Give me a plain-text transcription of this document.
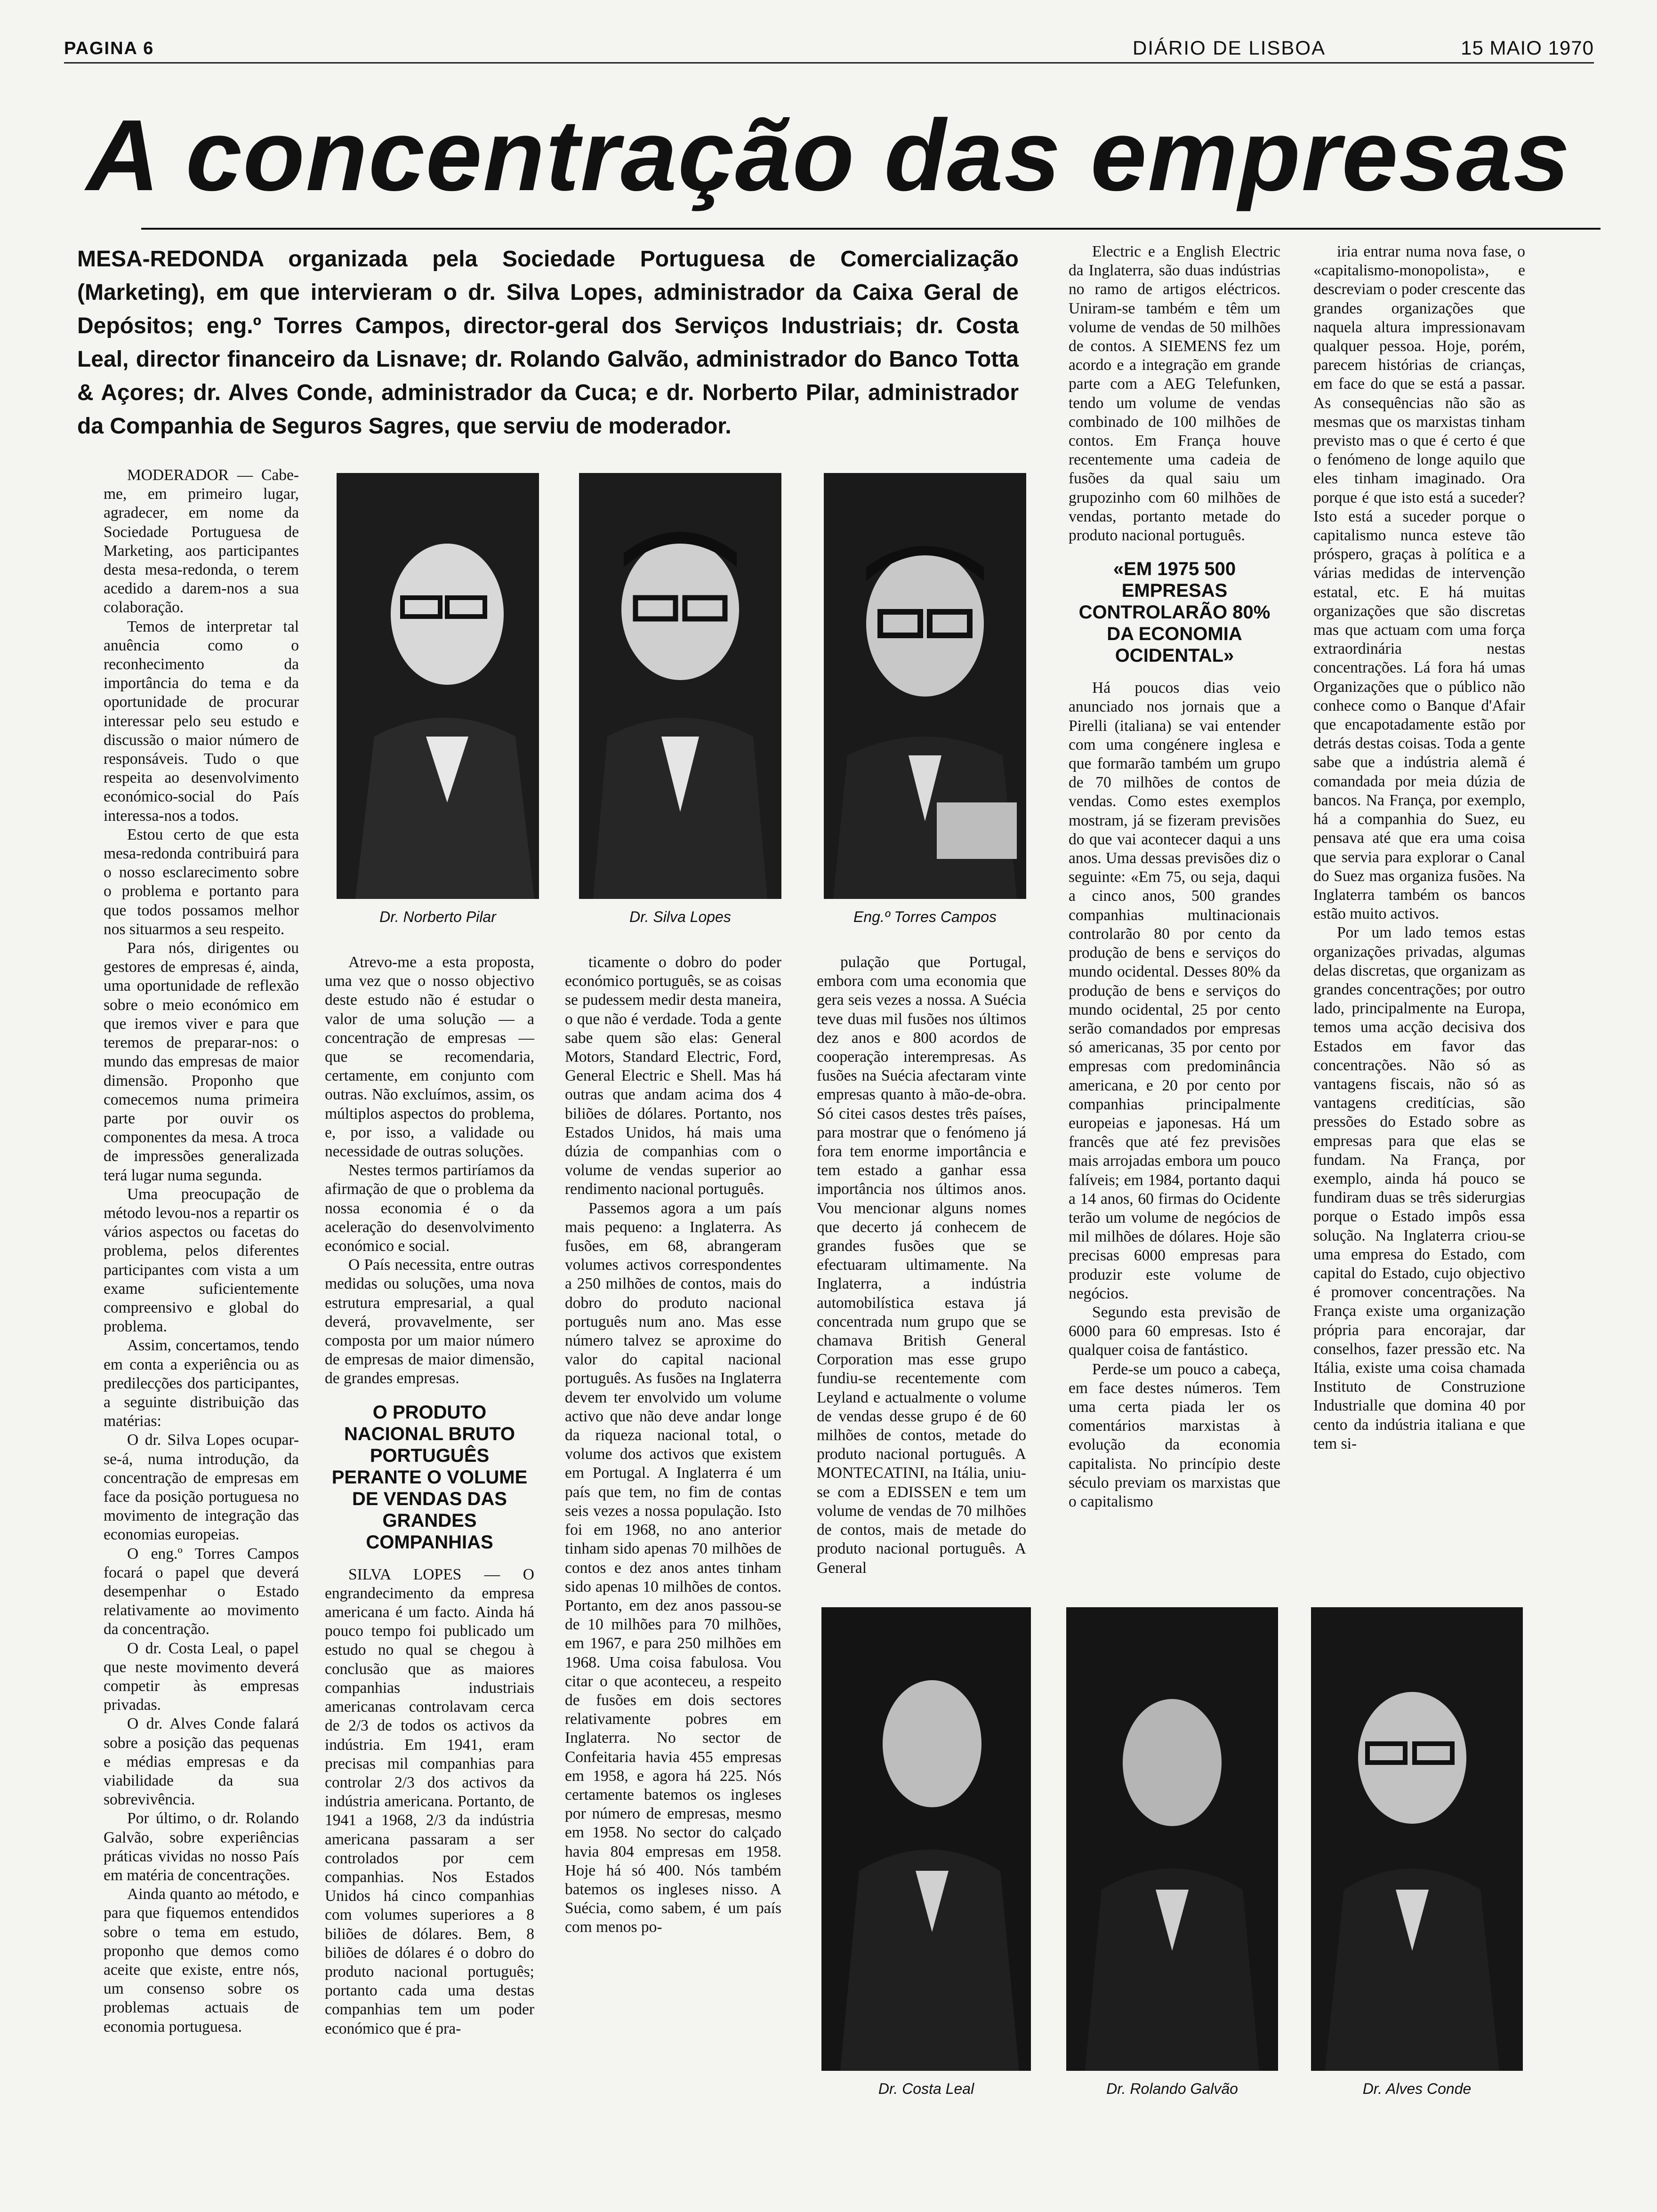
PAGINA 6	DIÁRIO DE LISBOA	15 MAIO 1970
A concentração das empresas
MESA-REDONDA organizada pela Sociedade Portuguesa de Comercialização (Marketing), em que intervieram o dr. Silva Lopes, administrador da Caixa Geral de Depósitos; eng.º Torres Campos, director-geral dos Serviços Industriais; dr. Costa Leal, director financeiro da Lisnave; dr. Rolando Galvão, administrador do Banco Totta & Açores; dr. Alves Conde, administrador da Cuca; e dr. Norberto Pilar, administrador da Companhia de Seguros Sagres, que serviu de moderador.

MODERADOR — Cabe-me, em primeiro lugar, agradecer, em nome da Sociedade Portuguesa de Marketing, aos participantes desta mesa-redonda, o terem acedido a darem-nos a sua colaboração.

Temos de interpretar tal anuência como o reconhecimento da importância do tema e da oportunidade de procurar interessar pelo seu estudo e discussão o maior número de responsáveis. Tudo o que respeita ao desenvolvimento económico-social do País interessa-nos a todos.

Estou certo de que esta mesa-redonda contribuirá para o nosso esclarecimento sobre o problema e portanto para que todos possamos melhor nos situarmos a seu respeito.

Para nós, dirigentes ou gestores de empresas é, ainda, uma oportunidade de reflexão sobre o meio económico em que iremos viver e para que teremos de preparar-nos: o mundo das empresas de maior dimensão. Proponho que comecemos numa primeira parte por ouvir os componentes da mesa. A troca de impressões generalizada terá lugar numa segunda.

Uma preocupação de método levou-nos a repartir os vários aspectos ou facetas do problema, pelos diferentes participantes com vista a um exame suficientemente compreensivo e global do problema.

Assim, concertamos, tendo em conta a experiência ou as predilecções dos participantes, a seguinte distribuição das matérias:

O dr. Silva Lopes ocupar-se-á, numa introdução, da concentração de empresas em face da posição portuguesa no movimento de integração das economias europeias.

O eng.º Torres Campos focará o papel que deverá desempenhar o Estado relativamente ao movimento da concentração.

O dr. Costa Leal, o papel que neste movimento deverá competir às empresas privadas.

O dr. Alves Conde falará sobre a posição das pequenas e médias empresas e da viabilidade da sua sobrevivência.

Por último, o dr. Rolando Galvão, sobre experiências práticas vividas no nosso País em matéria de concentrações.

Ainda quanto ao método, e para que fiquemos entendidos sobre o tema em estudo, proponho que demos como aceite que existe, entre nós, um consenso sobre os problemas actuais de economia portuguesa.

Dr. Norberto Pilar	Dr. Silva Lopes	Eng.º Torres Campos

Atrevo-me a esta proposta, uma vez que o nosso objectivo deste estudo não é estudar o valor de uma solução — a concentração de empresas — que se recomendaria, certamente, em conjunto com outras. Não excluímos, assim, os múltiplos aspectos do problema, e, por isso, a validade ou necessidade de outras soluções.

Nestes termos partiríamos da afirmação de que o problema da nossa economia é o da aceleração do desenvolvimento económico e social.

O País necessita, entre outras medidas ou soluções, uma nova estrutura empresarial, a qual deverá, provavelmente, ser composta por um maior número de empresas de maior dimensão, de grandes empresas.

O PRODUTO NACIONAL BRUTO PORTUGUÊS PERANTE O VOLUME DE VENDAS DAS GRANDES COMPANHIAS

SILVA LOPES — O engrandecimento da empresa americana é um facto. Ainda há pouco tempo foi publicado um estudo no qual se chegou à conclusão que as maiores companhias industriais americanas controlavam cerca de 2/3 de todos os activos da indústria. Em 1941, eram precisas mil companhias para controlar 2/3 dos activos da indústria americana. Portanto, de 1941 a 1968, 2/3 da indústria americana passaram a ser controlados por cem companhias. Nos Estados Unidos há cinco companhias com volumes superiores a 8 biliões de dólares. Bem, 8 biliões de dólares é o dobro do produto nacional português; portanto cada uma destas companhias tem um poder económico que é pra-

ticamente o dobro do poder económico português, se as coisas se pudessem medir desta maneira, o que não é verdade. Toda a gente sabe quem são elas: General Motors, Standard Electric, Ford, General Electric e Shell. Mas há outras que andam acima dos 4 biliões de dólares. Portanto, nos Estados Unidos, há mais uma dúzia de companhias com o volume de vendas superior ao rendimento nacional português.

Passemos agora a um país mais pequeno: a Inglaterra. As fusões, em 68, abrangeram volumes activos correspondentes a 250 milhões de contos, mais do dobro do produto nacional português num ano. Mas esse número talvez se aproxime do valor do capital nacional português. As fusões na Inglaterra devem ter envolvido um volume activo que não deve andar longe da riqueza nacional total, o volume dos activos que existem em Portugal. A Inglaterra é um país que tem, no fim de contas seis vezes a nossa população. Isto foi em 1968, no ano anterior tinham sido apenas 70 milhões de contos e dez anos antes tinham sido apenas 10 milhões de contos. Portanto, em dez anos passou-se de 10 milhões para 70 milhões, em 1967, e para 250 milhões em 1968. Uma coisa fabulosa. Vou citar o que aconteceu, a respeito de fusões em dois sectores relativamente pobres em Inglaterra. No sector de Confeitaria havia 455 empresas em 1958, e agora há 225. Nós certamente batemos os ingleses por número de empresas, mesmo em 1958. No sector do calçado havia 804 empresas em 1958. Hoje há só 400. Nós também batemos os ingleses nisso. A Suécia, como sabem, é um país com menos po-

pulação que Portugal, embora com uma economia que gera seis vezes a nossa. A Suécia teve duas mil fusões nos últimos dez anos e 800 acordos de cooperação interempresas. As fusões na Suécia afectaram vinte empresas quanto à mão-de-obra. Só citei casos destes três países, para mostrar que o fenómeno já fora tem enorme importância e tem estado a ganhar essa importância nos últimos anos. Vou mencionar alguns nomes que decerto já conhecem de grandes fusões que se efectuaram ultimamente. Na Inglaterra, a indústria automobilística estava já concentrada num grupo que se chamava British General Corporation mas esse grupo fundiu-se recentemente com Leyland e actualmente o volume de vendas desse grupo é de 60 milhões de contos, metade do produto nacional português. A MONTECATINI, na Itália, uniu-se com a EDISSEN e tem um volume de vendas de 70 milhões de contos, mais de metade do produto nacional português. A General

Electric e a English Electric da Inglaterra, são duas indústrias no ramo de artigos eléctricos. Uniram-se também e têm um volume de vendas de 50 milhões de contos. A SIEMENS fez um acordo e a integração em grande parte com a AEG Telefunken, tendo um volume de vendas combinado de 100 milhões de contos. Em França houve recentemente uma cadeia de fusões da qual saiu um grupozinho com 60 milhões de vendas, portanto metade do produto nacional português.

«EM 1975 500 EMPRESAS CONTROLARÃO 80% DA ECONOMIA OCIDENTAL»

Há poucos dias veio anunciado nos jornais que a Pirelli (italiana) se vai entender com uma congénere inglesa e que formarão também um grupo de 70 milhões de contos de vendas. Como estes exemplos mostram, já se fizeram previsões do que vai acontecer daqui a uns anos. Uma dessas previsões diz o seguinte: «Em 75, ou seja, daqui a cinco anos, 500 grandes companhias multinacionais controlarão 80 por cento da produção de bens e serviços do mundo ocidental. Desses 80% da produção de bens e serviços do mundo ocidental, 25 por cento serão comandados por empresas só americanas, 35 por cento por empresas com predominância americana, e 20 por cento por companhias principalmente europeias e japonesas. Há um francês que até fez previsões mais arrojadas embora um pouco falíveis; em 1984, portanto daqui a 14 anos, 60 firmas do Ocidente terão um volume de negócios de mil milhões de dólares. Hoje são precisas 6000 empresas para produzir este volume de negócios.

Segundo esta previsão de 6000 para 60 empresas. Isto é qualquer coisa de fantástico.

Perde-se um pouco a cabeça, em face destes números. Tem uma certa piada ler os comentários marxistas à evolução da economia capitalista. No princípio deste século previam os marxistas que o capitalismo

iria entrar numa nova fase, o «capitalismo-monopolista», e descreviam o poder crescente das grandes organizações que naquela altura impressionavam qualquer pessoa. Hoje, porém, parecem histórias de crianças, em face do que se está a passar. As consequências não são as mesmas que os marxistas tinham previsto mas o que é certo é que o fenómeno de longe aquilo que eles tinham imaginado. Ora porque é que isto está a suceder? Isto está a suceder porque o capitalismo nunca esteve tão próspero, graças à política e a várias medidas de intervenção estatal, etc. E há muitas organizações que são discretas mas que actuam com uma força extraordinária nestas concentrações. Lá fora há umas Organizações que o público não conhece como o Banque d'Afair que encapotadamente estão por detrás destas coisas. Toda a gente sabe que a indústria alemã é comandada por meia dúzia de bancos. Na França, por exemplo, há a companhia do Suez, eu pensava até que era uma coisa que servia para explorar o Canal do Suez mas organiza fusões. Na Inglaterra também os bancos estão muito activos.

Por um lado temos estas organizações privadas, algumas delas discretas, que organizam as grandes concentrações; por outro lado, principalmente na Europa, temos uma acção decisiva dos Estados em favor das concentrações. Não só as vantagens fiscais, não só as vantagens creditícias, são pressões do Estado sobre as empresas para que elas se fundam. Na França, por exemplo, ainda há pouco se fundiram duas se três siderurgias porque o Estado impôs essa solução. Na Inglaterra criou-se uma empresa do Estado, com capital do Estado, cujo objectivo é promover concentrações. Na França existe uma organização própria para encorajar, dar conselhos, fazer pressão etc. Na Itália, existe uma coisa chamada Instituto de Construzione Industrialle que domina 40 por cento da indústria italiana e que tem si-

Dr. Costa Leal	Dr. Rolando Galvão	Dr. Alves Conde
